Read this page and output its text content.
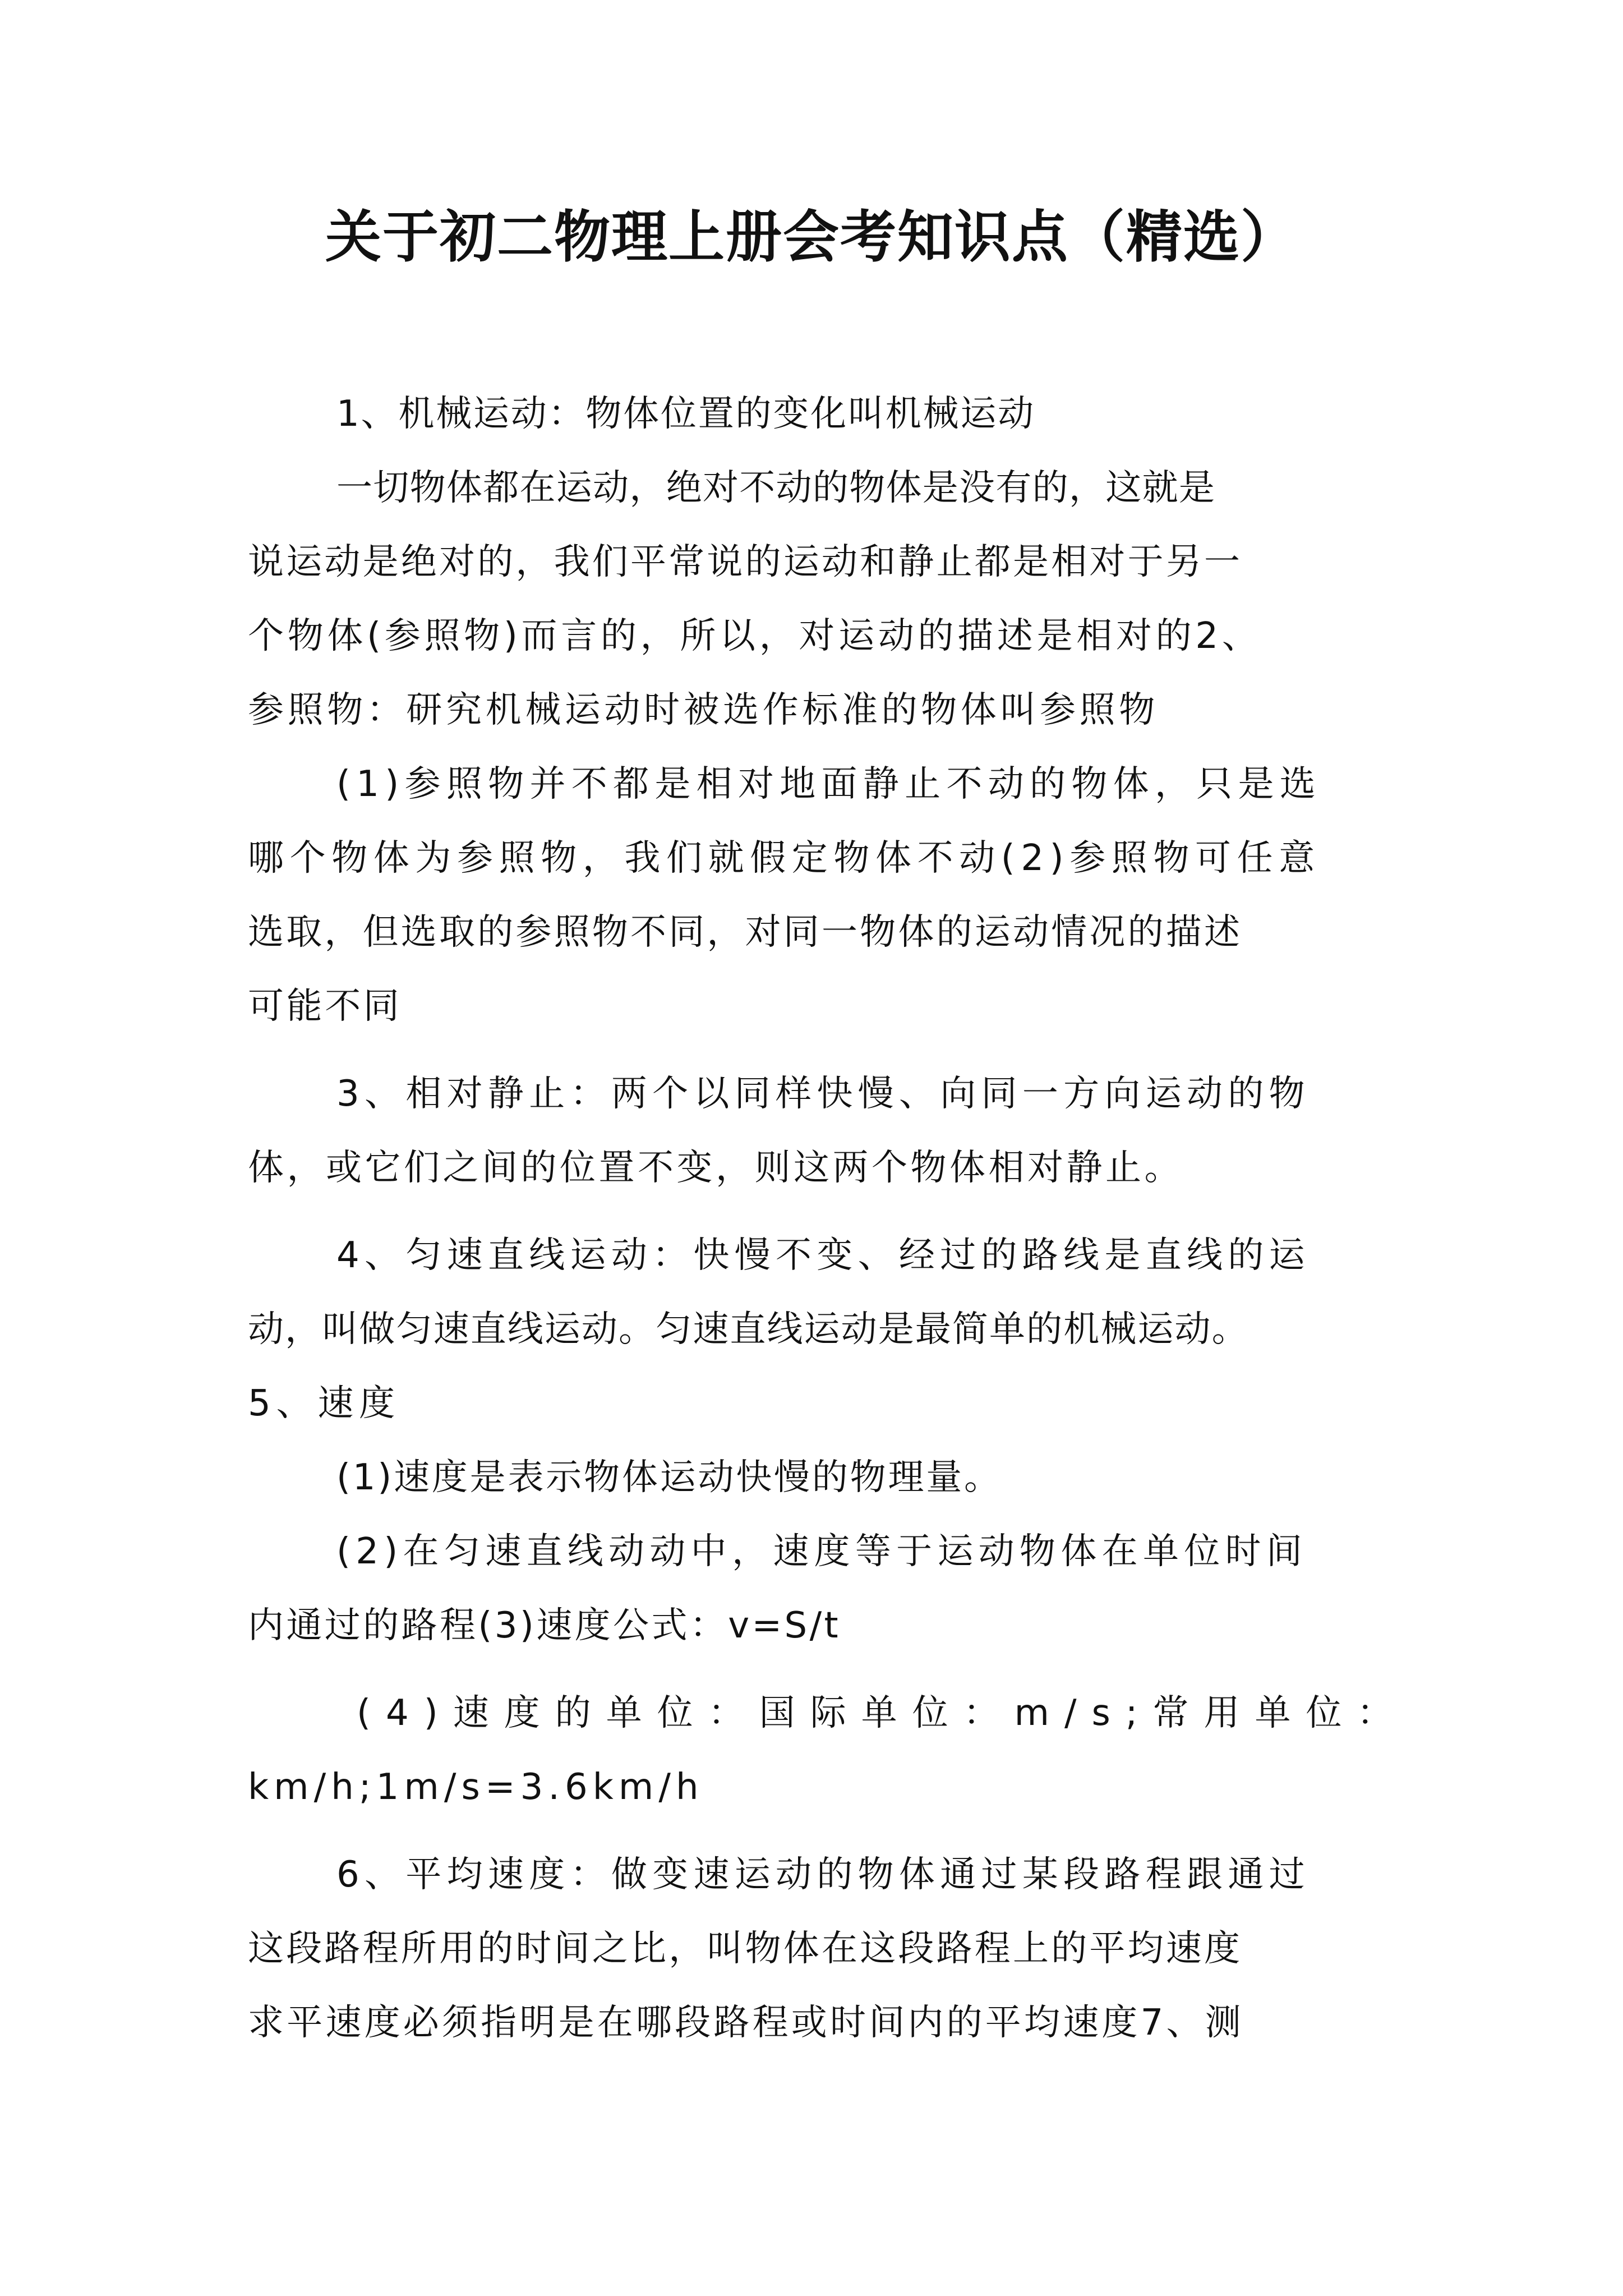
关于初二物理上册会考知识点（精选）
1、机械运动：物体位置的变化叫机械运动
一切物体都在运动，绝对不动的物体是没有的，这就是
说运动是绝对的，我们平常说的运动和静止都是相对于另一
个物体(参照物)而言的，所以，对运动的描述是相对的2、
参照物：研究机械运动时被选作标准的物体叫参照物
(1)参照物并不都是相对地面静止不动的物体，只是选
哪个物体为参照物，我们就假定物体不动(2)参照物可任意
选取，但选取的参照物不同，对同一物体的运动情况的描述
可能不同
3、相对静止：两个以同样快慢、向同一方向运动的物
体，或它们之间的位置不变，则这两个物体相对静止。
4、匀速直线运动：快慢不变、经过的路线是直线的运
动，叫做匀速直线运动。匀速直线运动是最简单的机械运动。
5、速度
(1)速度是表示物体运动快慢的物理量。
(2)在匀速直线动动中，速度等于运动物体在单位时间
内通过的路程(3)速度公式：v=S/t
(4)速度的单位：国际单位：m/s;常用单位：
km/h;1m/s=3.6km/h
6、平均速度：做变速运动的物体通过某段路程跟通过
这段路程所用的时间之比，叫物体在这段路程上的平均速度
求平速度必须指明是在哪段路程或时间内的平均速度7、测
